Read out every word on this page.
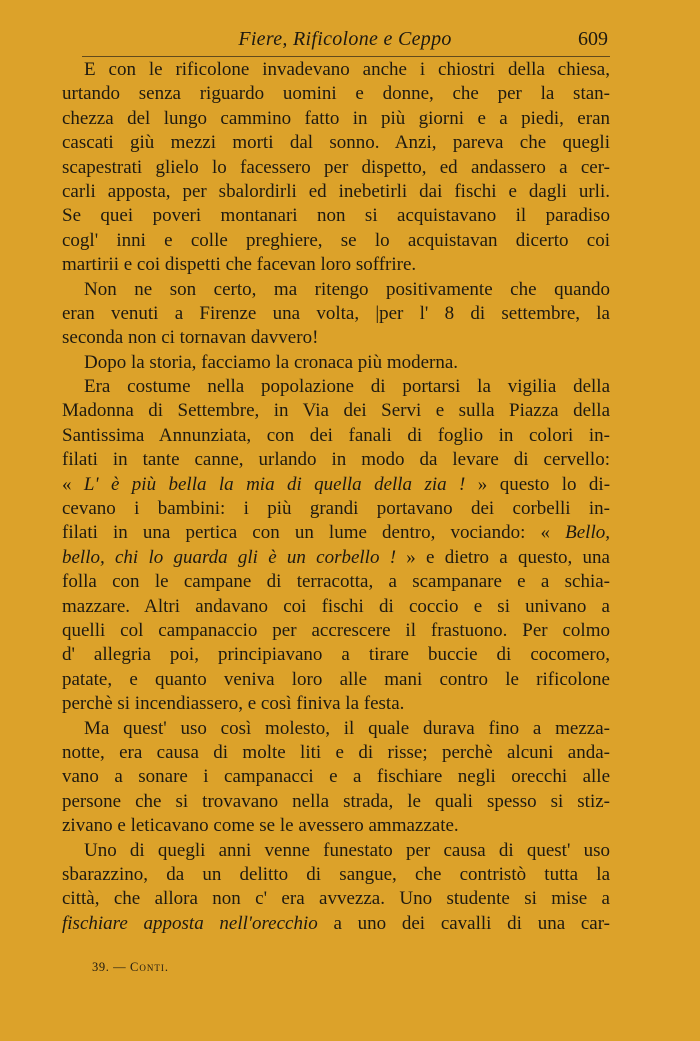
Fiere, Rificolone e Ceppo	609
E con le rificolone invadevano anche i chiostri della chiesa,
urtando senza riguardo uomini e donne, che per la stan-
chezza del lungo cammino fatto in più giorni e a piedi, eran
cascati giù mezzi morti dal sonno. Anzi, pareva che quegli
scapestrati glielo lo facessero per dispetto, ed andassero a cer-
carli apposta, per sbalordirli ed inebetirli dai fischi e dagli urli.
Se quei poveri montanari non si acquistavano il paradiso
cogl' inni e colle preghiere, se lo acquistavan dicerto coi
martirii e coi dispetti che facevan loro soffrire.
Non ne son certo, ma ritengo positivamente che quando
eran venuti a Firenze una volta, |per l' 8 di settembre, la
seconda non ci tornavan davvero!
Dopo la storia, facciamo la cronaca più moderna.
Era costume nella popolazione di portarsi la vigilia della
Madonna di Settembre, in Via dei Servi e sulla Piazza della
Santissima Annunziata, con dei fanali di foglio in colori in-
filati in tante canne, urlando in modo da levare di cervello:
« L' è più bella la mia di quella della zia ! » questo lo di-
cevano i bambini: i più grandi portavano dei corbelli in-
filati in una pertica con un lume dentro, vociando: « Bello,
bello, chi lo guarda gli è un corbello ! » e dietro a questo, una
folla con le campane di terracotta, a scampanare e a schia-
mazzare. Altri andavano coi fischi di coccio e si univano a
quelli col campanaccio per accrescere il frastuono. Per colmo
d' allegria poi, principiavano a tirare buccie di cocomero,
patate, e quanto veniva loro alle mani contro le rificolone
perchè si incendiassero, e così finiva la festa.
Ma quest' uso così molesto, il quale durava fino a mezza-
notte, era causa di molte liti e di risse; perchè alcuni anda-
vano a sonare i campanacci e a fischiare negli orecchi alle
persone che si trovavano nella strada, le quali spesso si stiz-
zivano e leticavano come se le avessero ammazzate.
Uno di quegli anni venne funestato per causa di quest' uso
sbarazzino, da un delitto di sangue, che contristò tutta la
città, che allora non c' era avvezza. Uno studente si mise a
fischiare apposta nell'orecchio a uno dei cavalli di una car-
39. — Conti.
